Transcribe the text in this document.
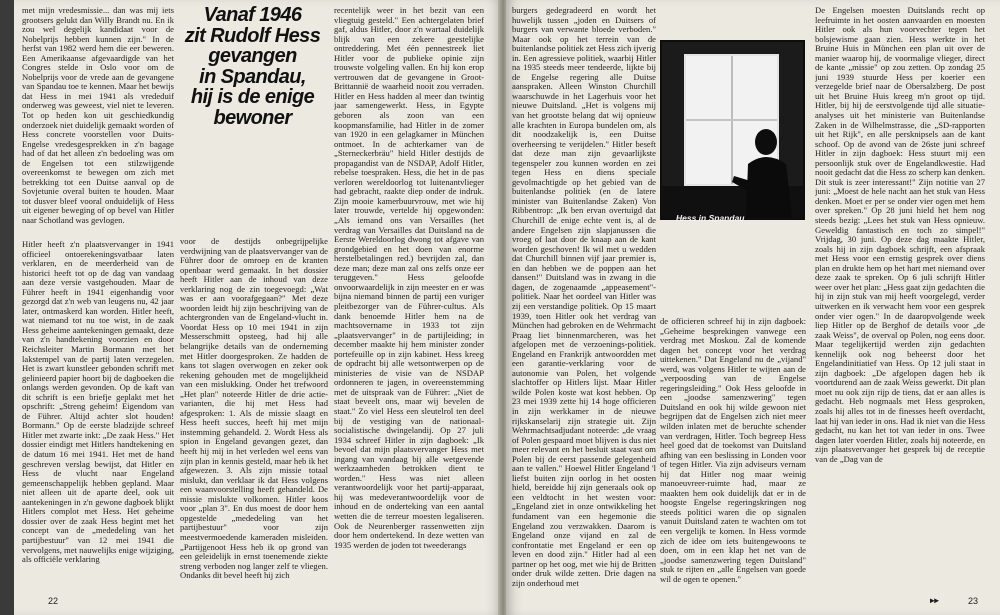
met mijn vredesmissie... dan was mij iets grootsers gelukt dan Willy Brandt nu. En ik zou wel degelijk kandidaat voor de Nobelprijs hebben kunnen zijn." In de herfst van 1982 werd hem die eer beweren. Een Amerikaanse afgevaardigde van het Congres stelde in Oslo voor om de Nobelprijs voor de vrede aan de gevangene van Spandau toe te kennen. Maar het bewijs dat Hess in mei 1941 als vrededuif onderweg was geweest, viel niet te leveren. Tot op heden kon uit geschiedkundig onderzoek niet duidelijk gemaakt worden of Hess concrete voorstellen voor Duits-Engelse vredesgesprekken in z'n bagage had of dat het alleen z'n bedoeling was om de Engelsen tot een stilzwijgende overeenkomst te bewegen om zich met betrekking tot een Duitse aanval op de Sovjetunie overal buiten te houden. Maar tot dusver bleef vooral onduidelijk of Hess uit eigener beweging of op bevel van Hitler naar Schotland was gevlogen.

Hitler heeft z'n plaatsvervanger in 1941 officieel ontoerekeningsvatbaar laten verklaren, en de meerderheid van de historici heeft tot op de dag van vandaag aan deze versie vastgehouden. Maar de Führer heeft in 1941 eigenhandig voor gezorgd dat z'n web van leugens nu, 42 jaar later, ontmaskerd kan worden. Hitler heeft, wat niemand tot nu toe wist, in de zaak Hess geheime aantekeningen gemaakt, deze van z'n handtekening voorzien en door Reichsleiter Martin Bormann met het lakstempel van de partij laten verzegelen. Het is zwart kunstleer gebonden schrift met gelinieerd papier hoort bij de dagboeken die onlangs werden gevonden. Op de kaft van dit schrift is een briefje geplakt met het opschrift: „Streng geheim! Eigendom van de Führer. Altijd achter slot houden! Bormann." Op de eerste bladzijde schreef Hitler met zwarte inkt: „De zaak Hess." Het dossier eindigt met Hitlers handtekening en de datum 16 mei 1941. Het met de hand geschreven verslag bewijst, dat Hitler en Hess de vlucht naar Engeland gemeenschappelijk hebben gepland. Maar niet alleen uit de aparte deel, ook uit aantekeningen in z'n gewone dagboek blijkt Hitlers complot met Hess. Het geheime dossier over de zaak Hess begint met het concept van de „mededeling van het partijbestuur" van 12 mei 1941 die vervolgens, met nauwelijks enige wijziging, als officiële verklaring

Vanaf 1946
zit Rudolf Hess
gevangen
in Spandau,
hij is de enige
bewoner

voor de destijds onbegrijpelijke verdwijning van de plaatsvervanger van de Führer door de omroep en de kranten openbaar werd gemaakt. In het dossier heeft Hitler aan de inhoud van deze verklaring nog de zin toegevoegd: „Wat was er aan voorafgegaan?" Met deze woorden leidt hij zijn beschrijving van de achtergronden van de Engeland-vlucht in. Voordat Hess op 10 mei 1941 in zijn Messerschmitt opsteeg, had hij alle belangrijke details van de onderneming met Hitler doorgesproken. Ze hadden de kans tot slagen overwogen en zeker ook rekening gehouden met de mogelijkheid van een mislukking. Onder het trefwoord „Het plan" noteerde Hitler de drie actie-varianten, die hij met Hess had afgesproken: 1. Als de missie slaagt en Hess heeft succes, heeft hij met mijn instemming gehandeld. 2. Wordt Hess als spion in Engeland gevangen gezet, dan heeft hij mij in het verleden wel eens van zijn plan in kennis gesteld, maar heb ik het afgewezen. 3. Als zijn missie totaal mislukt, dan verklaar ik dat Hess volgens een waanvoorstelling heeft gehandeld. De missie mislukte volkomen. Hitler koos voor „plan 3". En dus moest de door hem opgestelde „mededeling van het partijbestuur" voor zijn meestvermoedende kameraden misleiden. „Partijgenoot Hess heb ik op grond van een geleidelijk in ernst toenemende ziekte streng verboden nog langer zelf te vliegen. Ondanks dit bevel heeft hij zich

recentelijk weer in het bezit van een vliegtuig gesteld." Een achtergelaten brief gaf, aldus Hitler, door z'n wartaal duidelijk blijk van een zekere geestelijke ontreddering. Met één pennestreek liet Hitler voor de publieke opinie zijn trouwste volgeling vallen. En hij kon erop vertrouwen dat de gevangene in Groot-Brittannië de waarheid nooit zou verraden. Hitler en Hess hadden al meer dan twintig jaar samengewerkt. Hess, in Egypte geboren als zoon van een koopmansfamilie, had Hitler in de zomer van 1920 in een gelagkamer in München ontmoet. In de achterkamer van de „Sterneckerbräu" hield Hitler destijds de propagandist van de NSDAP, Adolf Hitler, rebelse toespraken. Hess, die het in de pas verloren wereldoorlog tot luitenantvlieger had gebracht, raakte diep onder de indruk. Zijn mooie kamerbuurvrouw, met wie hij later trouwde, vertelde hij opgewonden: „Als iemand ons van Versailles (het verdrag van Versailles dat Duitsland na de Eerste Wereldoorlog dwong tot afgave van grondgebied en het doen van enorme herstelbetalingen red.) bevrijden zal, dan deze man; deze man zal ons zelfs onze eer teruggeven." Hess geloofde onvoorwaardelijk in zijn meester en er was bijna niemand binnen de partij een vuriger pleitbezorger van de Führer-cultus. Als dank benoemde Hitler hem na de machtsovername in 1933 tot zijn „plaatsvervanger" in de partijleiding; in december maakte hij hem minister zonder portefeuille op in zijn kabinet. Hess kreeg de opdracht bij alle wetsontwerpen op de ministeries de visie van de NSDAP ordonneren te jagen, in overeenstemming met de uitspraak van de Führer: „Niet de staat beveelt ons, maar wij bevelen de staat." Zo viel Hess een sleutelrol ten deel bij de vestiging van de nationaal-socialistische dwingelandij. Op 27 juli 1934 schreef Hitler in zijn dagboek: „Ik bevoel dat mijn plaatsvervanger Hess met ingang van vandaag bij alle wetgevende werkzaamheden betrokken dient te worden." Hess was niet alleen verantwoordelijk voor het partij-apparaat, hij was medeverantwoordelijk voor de inhoud en de onderteking van een aantal wetten die de terreur moesten legaliseren. Ook de Neurenberger rassenwetten zijn door hem ondertekend. In deze wetten van 1935 werden de joden tot tweederangs

burgers gedegradeerd en wordt het huwelijk tussen „joden en Duitsers of burgers van verwante bloede verboden." Maar ook op het terrein van de buitenlandse politiek zet Hess zich ijverig in. Een agressieve politiek, waarbij Hitler na 1935 steeds meer tendeerde, lijkte bij de Engelse regering alle Duitse aanspraken. Alleen Winston Churchill waarschuwde in het Lagerhuis voor het nieuwe Duitsland. „Het is volgens mij van het grootste belang dat wij opnieuw alle krachten in Europa bundelen om, als dit noodzakelijk is, een Duitse overheersing te verijdelen." Hitler beseft dat deze man zijn gevaarlijkste tegenspeler zou kunnen worden en zei tegen Hess en diens speciale gevolmachtigde op het gebied van de buitenlandse politiek (en de latere minister van Buitenlandse Zaken) Von Ribbentrop: „Ik ben ervan overtuigd dat Churchill de enige echte vent is, al de andere Engelsen zijn slapjanussen die vroeg of laat door de knaap aan de kant worden geschoven! Ik wil met u wedden dat Churchill binnen vijf jaar premier is, en dan hebben we de poppen aan het dansen!" Duitsland was in zwang in die dagen, de zogenaamde „appeasement"-politiek. Naar het oordeel van Hitler was zij een verstandige politiek. Op 15 maart 1939, toen Hitler ook het verdrag van München had gebroken en de Wehrmacht Praag liet binnenmarcheren, was het afgelopen met de verzoenings-politiek. Engeland en Frankrijk antwoordden met een garantie-verklaring voor de autonomie van Polen, het volgende slachtoffer op Hitlers lijst. Maar Hitler wilde Polen koste wat kost hebben. Op 23 mei 1939 zette hij 14 hoge officieren in zijn werkkamer in de nieuwe rijkskanselarij zijn strategie uit. Zijn Wehrmachtsadjudant noteerde: „de vraag of Polen gespaard moet blijven is dus niet meer relevant en het besluit staat vast om Polen bij de eerst passende gelegenheid aan te vallen." Hoewel Hitler Engeland 'l liefst buiten zijn oorlog in het oosten hield, bereidde hij zijn generaals ook op een veldtocht in het westen voor: „Engeland ziet in onze ontwikkeling het fundament van een hegemonie die Engeland zou verzwakken. Daarom is Engeland onze vijand en zal de confrontatie met Engeland er een op leven en dood zijn." Hitler had al een partner op het oog, met wie hij de Britten onder druk wilde zetten. Drie dagen na zijn onderhoud met

Hess in Spandau

de officieren schreef hij in zijn dagboek: „Geheime besprekingen vanwege een verdrag met Moskou. Zal de komende dagen het concept voor het verdrag uittekenen." Dat Engeland nu de „vijand" werd, was volgens Hitler te wijten aan de „verpoosding van de Engelse regeringsleiding." Ook Hess geloofde in een „joodse samenzwering" tegen Duitsland en ook hij wilde gewoon niet begrijpen dat de Engelsen zich niet meer wilden inlaten met de beruchte schender van verdragen, Hitler. Toch begreep Hess heel goed dat de toekomst van Duitsland afhing van een beslissing in Londen voor of tegen Hitler. Via zijn adviseurs vernam hij dat Hitler nog maar weinig manoeuvreer-ruimte had, maar ze maakten hem ook duidelijk dat er in de hoogste Engelse regeringskringen nog steeds politici waren die op signalen vanuit Duitsland zaten te wachten om tot een vergelijk te komen. In Hess vormde zich de idee om iets buitengewoons te doen, om in een klap het net van de „joodse samenzwering tegen Duitsland" stuk te rijten en „alle Engelsen van goede wil de ogen te openen."

De Engelsen moesten Duitslands recht op leefruimte in het oosten aanvaarden en moesten Hitler ook als hun voorvechter tegen het bolsjewisme gaan zien. Hess werkte in het Bruine Huis in München een plan uit over de manier waarop hij, de voormalige vlieger, direct de kante „missie" op zou zetten. Op zondag 25 juni 1939 stuurde Hess per koerier een verzegelde brief naar de Obersalzberg. De post uit het Bruine Huis kreeg m'n groot op tijd. Hitler, bij hij de eerstvolgende tijd alle situatie-analyses uit het ministerie van Buitenlandse Zaken in de Wilhelmstrasse, die „SD-rapporten uit het Rijk", en alle persknipsels aan de kant schoof. Op de avond van de 26ste juni schreef Hitler in zijn dagboek: Hess stuurt mij een persoonlijk stuk over de Engelandkwestie. Had nooit gedacht dat die Hess zo scherp kan denken. Dit stuk is zeer interessant!" Zijn notitie van 27 juni: „Moest de hele nacht aan het stuk van Hess denken. Moet er per se onder vier ogen met hem over spreken." Op 28 juni hield het hem nog steeds bezig: „Lees het stuk van Hess opnieuw. Geweldig fantastisch en toch zo simpel!" Vrijdag, 30 juni. Op deze dag maakte Hitler, zoals hij in zijn dagboek schrijft, een afspraak met Hess voor een ernstig gesprek over diens plan en drukte hem op het hart met niemand over deze zaak te spreken. Op 6 juli schrijft Hitler weer over het plan: „Hess gaat zijn gedachten die hij in zijn stuk van mij heeft voorgelegd, verder uitwerken en ik verwacht hem voor een gesprek onder vier ogen." In de daaropvolgende week liep Hitler op de Berghof de details voor „de zaak Weiss", de overval op Polen, nog eens door. Maar tegelijkertijd werden zijn gedachten kennelijk ook nog beheerst door het Engelandinitiatief van Hess. Op 12 juli staat in zijn dagboek: „De afgelopen dagen heb ik voortdurend aan de zaak Weiss gewerkt. Dit plan moet nu ook zijn rijp de tiens, dat er aan alles is gedacht. Heb nogmaals met Hess gesproken, zoals hij alles tot in de finesses heeft overdacht, laat hij van ieder in ons. Had ik niet van die Hess gedacht, nu kan het tot van ieder in ons. Twee dagen later voerden Hitler, zoals hij noteerde, en zijn plaatsvervanger het gesprek bij de receptie van de „Dag van de

▸▸
22	23
